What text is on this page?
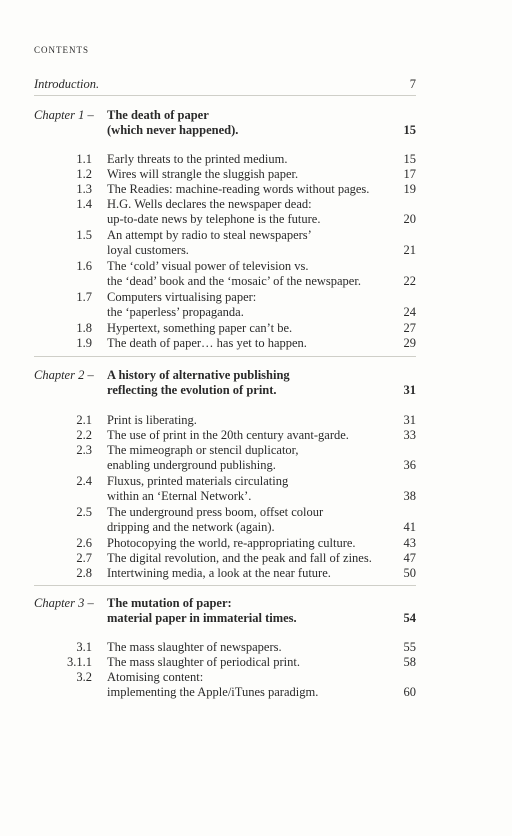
CONTENTS
Introduction.	7
Chapter 1 – The death of paper
(which never happened).	15
1.1 Early threats to the printed medium.	15
1.2 Wires will strangle the sluggish paper.	17
1.3 The Readies: machine-reading words without pages.	19
1.4 H.G. Wells declares the newspaper dead:
up-to-date news by telephone is the future.	20
1.5 An attempt by radio to steal newspapers’
loyal customers.	21
1.6 The ‘cold’ visual power of television vs.
the ‘dead’ book and the ‘mosaic’ of the newspaper.	22
1.7 Computers virtualising paper:
the ‘paperless’ propaganda.	24
1.8 Hypertext, something paper can’t be.	27
1.9 The death of paper… has yet to happen.	29
Chapter 2 – A history of alternative publishing
reflecting the evolution of print.	31
2.1 Print is liberating.	31
2.2 The use of print in the 20th century avant-garde.	33
2.3 The mimeograph or stencil duplicator,
enabling underground publishing.	36
2.4 Fluxus, printed materials circulating
within an ‘Eternal Network’.	38
2.5 The underground press boom, offset colour
dripping and the network (again).	41
2.6 Photocopying the world, re-appropriating culture.	43
2.7 The digital revolution, and the peak and fall of zines.	47
2.8 Intertwining media, a look at the near future.	50
Chapter 3 – The mutation of paper:
material paper in immaterial times.	54
3.1 The mass slaughter of newspapers.	55
3.1.1 The mass slaughter of periodical print.	58
3.2 Atomising content:
implementing the Apple/iTunes paradigm.	60
